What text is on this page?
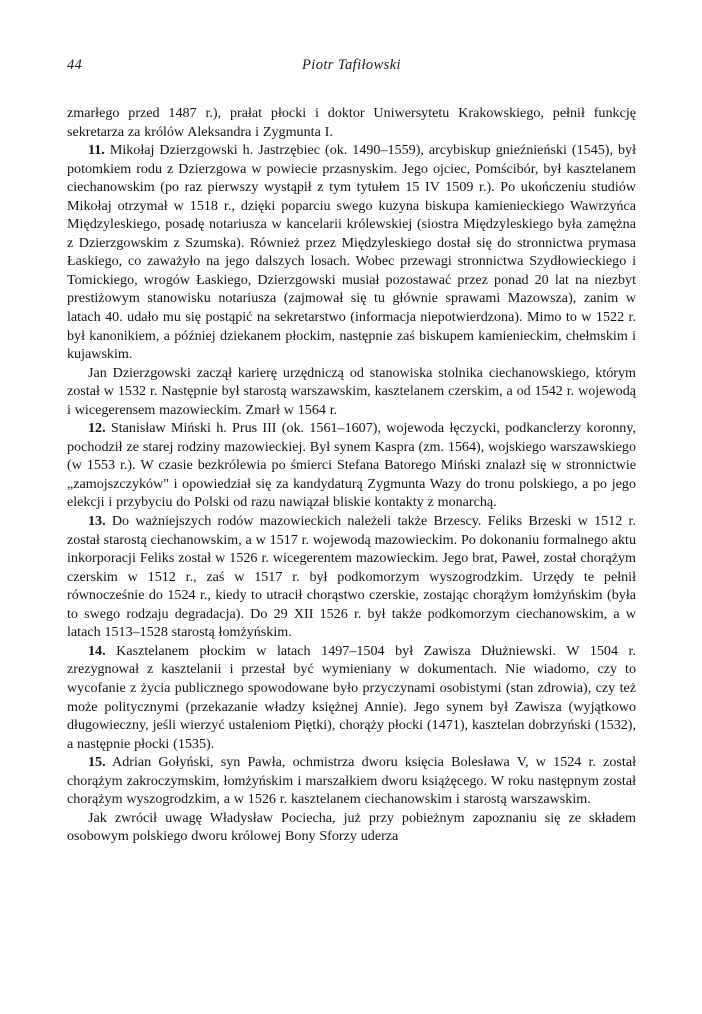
44	Piotr Tafiłowski

zmarłego przed 1487 r.), prałat płocki i doktor Uniwersytetu Krakowskiego, pełnił funkcję sekretarza za królów Aleksandra i Zygmunta I.

11. Mikołaj Dzierzgowski h. Jastrzębiec (ok. 1490–1559), arcybiskup gnieźnieński (1545), był potomkiem rodu z Dzierzgowa w powiecie przasnyskim. Jego ojciec, Pomścibór, był kasztelanem ciechanowskim (po raz pierwszy wystąpił z tym tytułem 15 IV 1509 r.). Po ukończeniu studiów Mikołaj otrzymał w 1518 r., dzięki poparciu swego kuzyna biskupa kamienieckiego Wawrzyńca Międzyleskiego, posadę notariusza w kancelarii królewskiej (siostra Międzyleskiego była zamężna z Dzierzgowskim z Szumska). Również przez Międzyleskiego dostał się do stronnictwa prymasa Łaskiego, co zaważyło na jego dalszych losach. Wobec przewagi stronnictwa Szydłowieckiego i Tomickiego, wrogów Łaskiego, Dzierzgowski musiał pozostawać przez ponad 20 lat na niezbyt prestiżowym stanowisku notariusza (zajmował się tu głównie sprawami Mazowsza), zanim w latach 40. udało mu się postąpić na sekretarstwo (informacja niepotwierdzona). Mimo to w 1522 r. był kanonikiem, a później dziekanem płockim, następnie zaś biskupem kamienieckim, chełmskim i kujawskim.

Jan Dzierzgowski zaczął karierę urzędniczą od stanowiska stolnika ciechanowskiego, którym został w 1532 r. Następnie był starostą warszawskim, kasztelanem czerskim, a od 1542 r. wojewodą i wicegerensem mazowieckim. Zmarł w 1564 r.

12. Stanisław Miński h. Prus III (ok. 1561–1607), wojewoda łęczycki, podkanclerzy koronny, pochodził ze starej rodziny mazowieckiej. Był synem Kaspra (zm. 1564), wojskiego warszawskiego (w 1553 r.). W czasie bezkrólewia po śmierci Stefana Batorego Miński znalazł się w stronnictwie „zamojszczyków" i opowiedział się za kandydaturą Zygmunta Wazy do tronu polskiego, a po jego elekcji i przybyciu do Polski od razu nawiązał bliskie kontakty z monarchą.

13. Do ważniejszych rodów mazowieckich należeli także Brzescy. Feliks Brzeski w 1512 r. został starostą ciechanowskim, a w 1517 r. wojewodą mazowieckim. Po dokonaniu formalnego aktu inkorporacji Feliks został w 1526 r. wicegerentem mazowieckim. Jego brat, Paweł, został chorążym czerskim w 1512 r., zaś w 1517 r. był podkomorzym wyszogrodzkim. Urzędy te pełnił równocześnie do 1524 r., kiedy to utracił chorąstwo czerskie, zostając chorążym łomżyńskim (była to swego rodzaju degradacja). Do 29 XII 1526 r. był także podkomorzym ciechanowskim, a w latach 1513–1528 starostą łomżyńskim.

14. Kasztelanem płockim w latach 1497–1504 był Zawisza Dłużniewski. W 1504 r. zrezygnował z kasztelanii i przestał być wymieniany w dokumentach. Nie wiadomo, czy to wycofanie z życia publicznego spowodowane było przyczynami osobistymi (stan zdrowia), czy też może politycznymi (przekazanie władzy księżnej Annie). Jego synem był Zawisza (wyjątkowo długowieczny, jeśli wierzyć ustaleniom Piętki), chorąży płocki (1471), kasztelan dobrzyński (1532), a następnie płocki (1535).

15. Adrian Gołyński, syn Pawła, ochmistrza dworu księcia Bolesława V, w 1524 r. został chorążym zakroczymskim, łomżyńskim i marszałkiem dworu książęcego. W roku następnym został chorążym wyszogrodzkim, a w 1526 r. kasztelanem ciechanowskim i starostą warszawskim.

Jak zwrócił uwagę Władysław Pociecha, już przy pobieżnym zapoznaniu się ze składem osobowym polskiego dworu królowej Bony Sforzy uderza
